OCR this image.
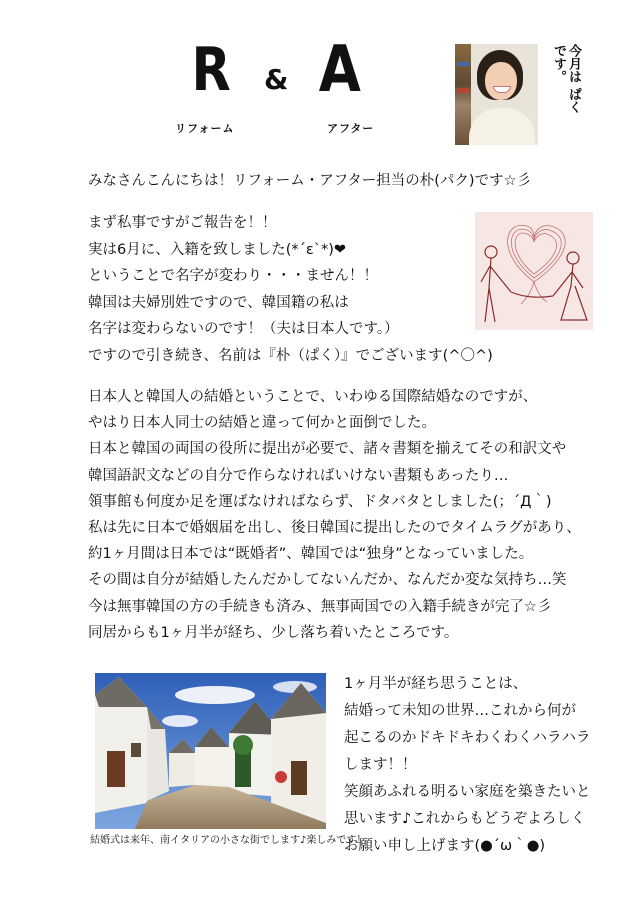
R & A
リフォーム	アフター
今月は ぱくです。
みなさんこんにちは！リフォーム・アフター担当の朴(パク)です☆彡
まず私事ですがご報告を！！
実は6月に、入籍を致しました(*´ε`*)❤
ということで名字が変わり・・・ません！！
韓国は夫婦別姓ですので、韓国籍の私は
名字は変わらないのです！（夫は日本人です。）
ですので引き続き、名前は『朴（ぱく）』でございます(^〇^)
日本人と韓国人の結婚ということで、いわゆる国際結婚なのですが、
やはり日本人同士の結婚と違って何かと面倒でした。
日本と韓国の両国の役所に提出が必要で、諸々書類を揃えてその和訳文や
韓国語訳文などの自分で作らなければいけない書類もあったり…
領事館も何度か足を運ばなければならず、ドタバタとしました(；´Д｀)
私は先に日本で婚姻届を出し、後日韓国に提出したのでタイムラグがあり、
約1ヶ月間は日本では“既婚者”、韓国では“独身”となっていました。
その間は自分が結婚したんだかしてないんだか、なんだか変な気持ち…笑
今は無事韓国の方の手続きも済み、無事両国での入籍手続きが完了☆彡
同居からも1ヶ月半が経ち、少し落ち着いたところです。
結婚式は来年、南イタリアの小さな街でします♪楽しみです！
1ヶ月半が経ち思うことは、
結婚って未知の世界…これから何が
起こるのかドキドキわくわくハラハラ
します！！
笑顔あふれる明るい家庭を築きたいと
思います♪これからもどうぞよろしく
お願い申し上げます(●´ω｀●)
